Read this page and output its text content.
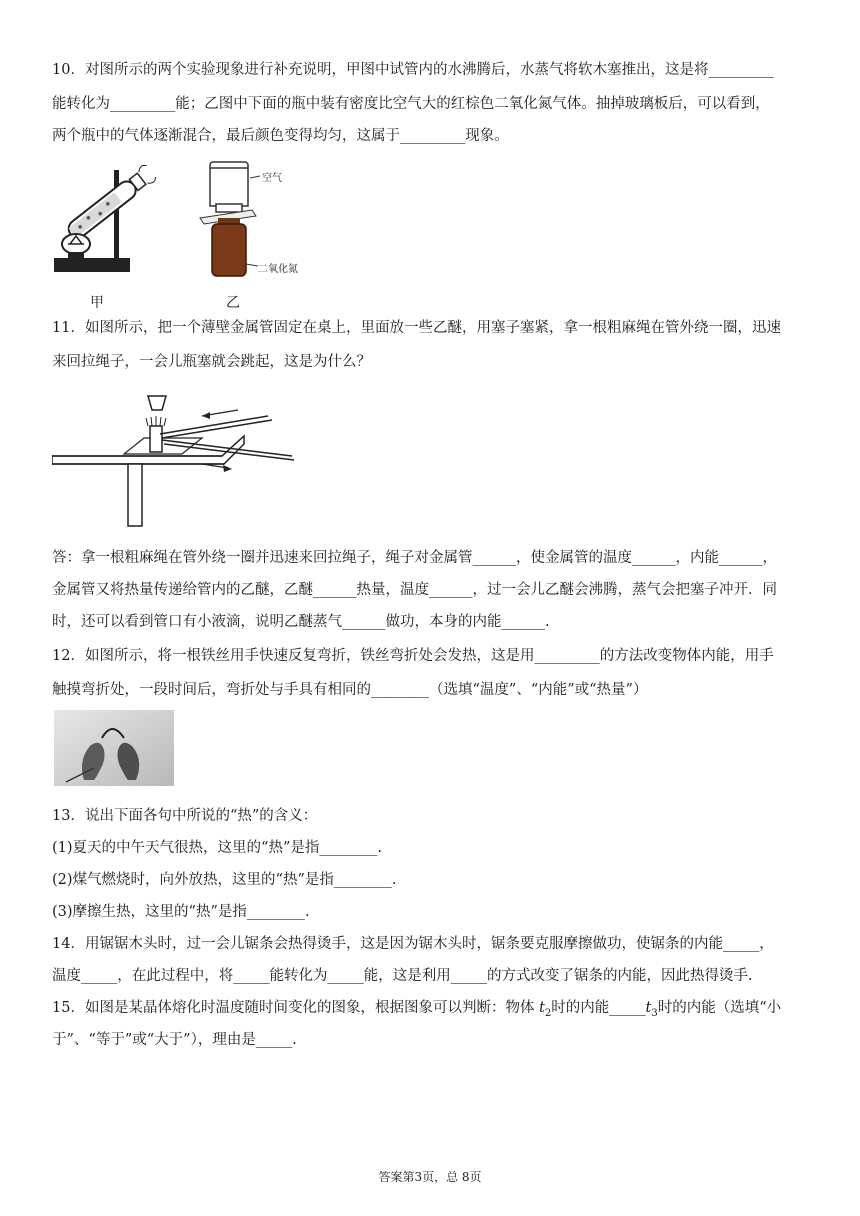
10．对图所示的两个实验现象进行补充说明，甲图中试管内的水沸腾后，水蒸气将软木塞推出，这是将_________
能转化为_________能；乙图中下面的瓶中装有密度比空气大的红棕色二氧化氮气体。抽掉玻璃板后，可以看到，
两个瓶中的气体逐渐混合，最后颜色变得均匀，这属于_________现象。
甲
空气
二氧化氮
乙
11．如图所示，把一个薄壁金属管固定在桌上，里面放一些乙醚，用塞子塞紧，拿一根粗麻绳在管外绕一圈，迅速
来回拉绳子，一会儿瓶塞就会跳起，这是为什么？
答：拿一根粗麻绳在管外绕一圈并迅速来回拉绳子，绳子对金属管______，使金属管的温度______，内能______，
金属管又将热量传递给管内的乙醚，乙醚______热量，温度______，过一会儿乙醚会沸腾，蒸气会把塞子冲开．同
时，还可以看到管口有小液滴，说明乙醚蒸气______做功，本身的内能______.
12．如图所示，将一根铁丝用手快速反复弯折，铁丝弯折处会发热，这是用_________的方法改变物体内能，用手
触摸弯折处，一段时间后，弯折处与手具有相同的________（选填“温度”、“内能”或“热量”）
13．说出下面各句中所说的“热”的含义：
(1)夏天的中午天气很热，这里的“热”是指________.
(2)煤气燃烧时，向外放热，这里的“热”是指________.
(3)摩擦生热，这里的“热”是指________.
14．用锯锯木头时，过一会儿锯条会热得烫手，这是因为锯木头时，锯条要克服摩擦做功，使锯条的内能_____，
温度_____，在此过程中，将_____能转化为_____能，这是利用_____的方式改变了锯条的内能，因此热得烫手.
15．如图是某晶体熔化时温度随时间变化的图象，根据图象可以判断：物体 $t_2$时的内能$\_\_\_\_\_t_3$时的内能（选填“小
于”、“等于”或“大于”），理由是_____.
答案第3页，总 8页
